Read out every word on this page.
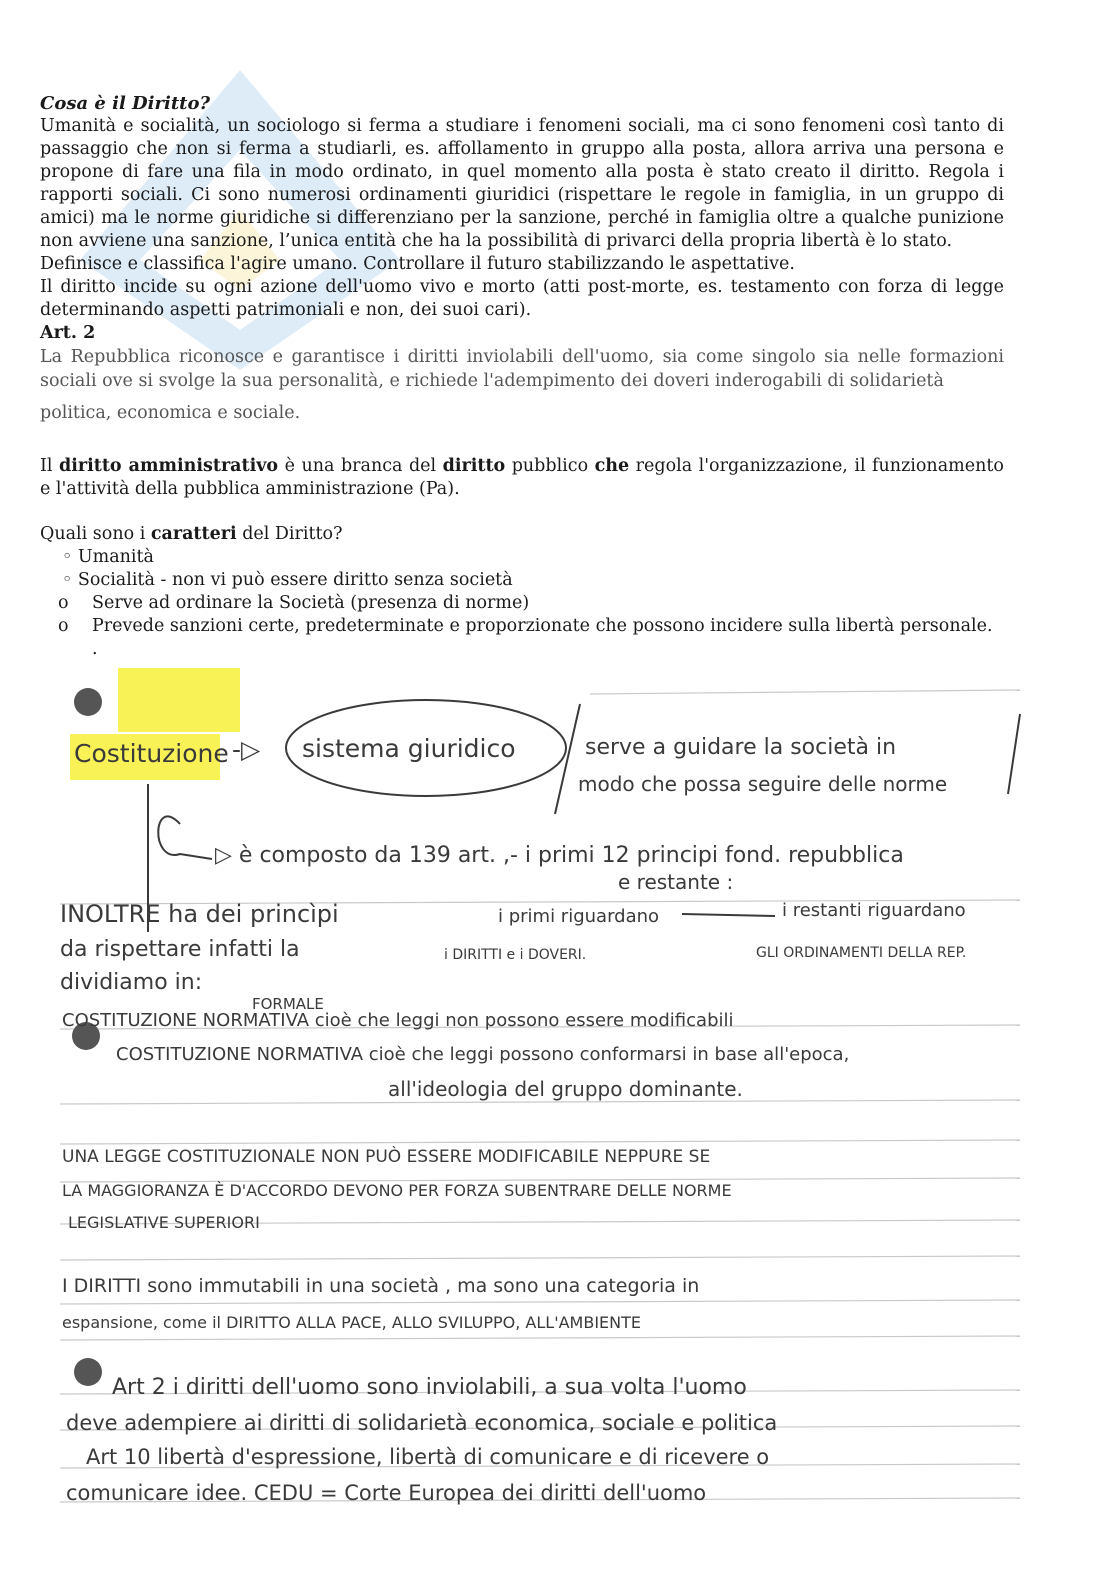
Cosa è il Diritto?

Umanità e socialità, un sociologo si ferma a studiare i fenomeni sociali, ma ci sono fenomeni così tanto di passaggio che non si ferma a studiarli, es. affollamento in gruppo alla posta, allora arriva una persona e propone di fare una fila in modo ordinato, in quel momento alla posta è stato creato il diritto. Regola i rapporti sociali. Ci sono numerosi ordinamenti giuridici (rispettare le regole in famiglia, in un gruppo di amici) ma le norme giuridiche si differenziano per la sanzione, perché in famiglia oltre a qualche punizione non avviene una sanzione, l’unica entità che ha la possibilità di privarci della propria libertà è lo stato.

Definisce e classifica l'agire umano. Controllare il futuro stabilizzando le aspettative.

Il diritto incide su ogni azione dell'uomo vivo e morto (atti post-morte, es. testamento con forza di legge determinando aspetti patrimoniali e non, dei suoi cari).

Art. 2

La Repubblica riconosce e garantisce i diritti inviolabili dell'uomo, sia come singolo sia nelle formazioni sociali ove si svolge la sua personalità, e richiede l'adempimento dei doveri inderogabili di solidarietà
politica, economica e sociale.

Il diritto amministrativo è una branca del diritto pubblico che regola l'organizzazione, il funzionamento e l'attività della pubblica amministrazione (Pa).

Quali sono i caratteri del Diritto?

◦ Umanità
◦ Socialità - non vi può essere diritto senza società
o Serve ad ordinare la Società (presenza di norme)
o Prevede sanzioni certe, predeterminate e proporzionate che possono incidere sulla libertà personale.

.

Costituzione -▷ sistema giuridico	serve a guidare la società in
modo che possa seguire delle norme
▷ è composto da 139 art. ,- i primi 12 principi fond. repubblica
e restante :
INOLTRE ha dei princìpi	i primi riguardano	i restanti riguardano
da rispettare infatti la	i DIRITTI e i DOVERI.	GLI ORDINAMENTI DELLA REP.
dividiamo in:
FORMALE
COSTITUZIONE NORMATIVA cioè che leggi non possono essere modificabili
COSTITUZIONE NORMATIVA cioè che leggi possono conformarsi in base all'epoca,
all'ideologia del gruppo dominante.
UNA LEGGE COSTITUZIONALE NON PUÒ ESSERE MODIFICABILE NEPPURE SE
LA MAGGIORANZA È D'ACCORDO DEVONO PER FORZA SUBENTRARE DELLE NORME
LEGISLATIVE SUPERIORI
I DIRITTI sono immutabili in una società , ma sono una categoria in
espansione, come il DIRITTO ALLA PACE, ALLO SVILUPPO, ALL'AMBIENTE
Art 2 i diritti dell'uomo sono inviolabili, a sua volta l'uomo
deve adempiere ai diritti di solidarietà economica, sociale e politica
Art 10 libertà d'espressione, libertà di comunicare e di ricevere o
comunicare idee. CEDU = Corte Europea dei diritti dell'uomo
